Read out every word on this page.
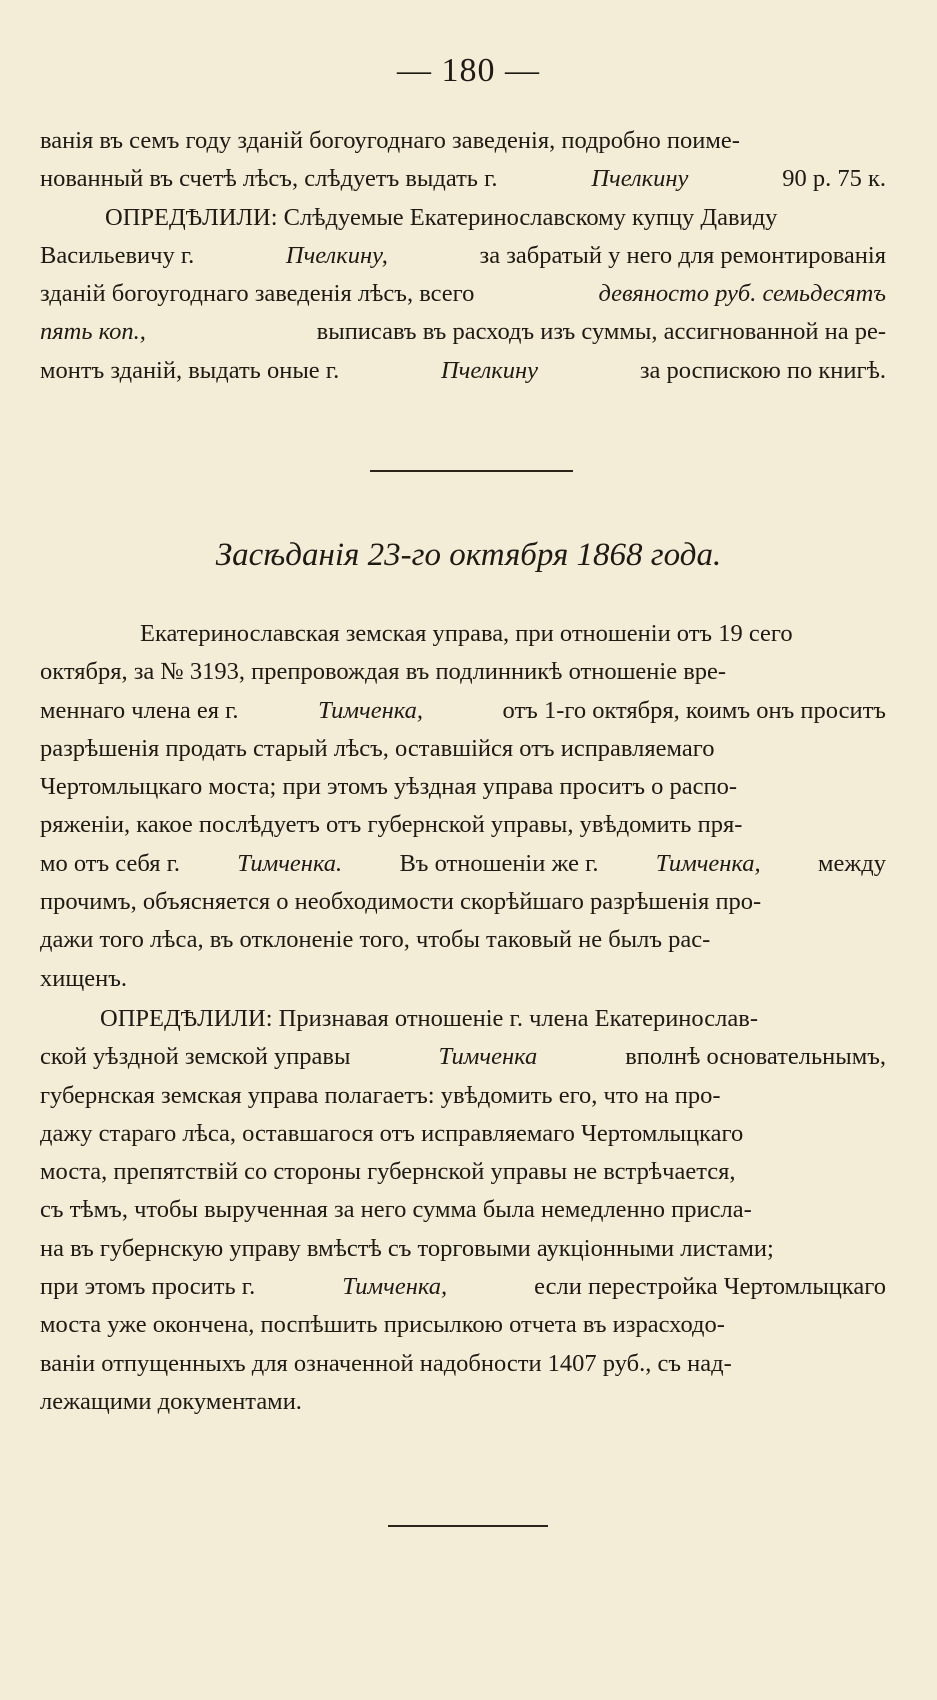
— 180 —
ванія въ семъ году зданій богоугоднаго заведенія, подробно поиме-
нованный въ счетѣ лѣсъ, слѣдуетъ выдать г.	Пчелкину	90 р. 75 к.
ОПРЕДѢЛИЛИ: Слѣдуемые Екатеринославскому купцу Давиду
Васильевичу г.	Пчелкину,	за забратый у него для ремонтированія
зданій богоугоднаго заведенія лѣсъ, всего	девяносто руб. семьдесятъ
пять коп.,	выписавъ въ расходъ изъ суммы, ассигнованной на ре-
монтъ зданій, выдать оные г.	Пчелкину	за роспискою по книгѣ.
Засѣданія 23-го октября 1868 года.
Екатеринославская земская управа, при отношеніи отъ 19 сего
октября, за № 3193, препровождая въ подлинникѣ отношеніе вре-
меннаго члена ея г.	Тимченка,	отъ 1-го октября, коимъ онъ проситъ
разрѣшенія продать старый лѣсъ, оставшійся отъ исправляемаго
Чертомлыцкаго моста; при этомъ уѣздная управа проситъ о распо-
ряженіи, какое послѣдуетъ отъ губернской управы, увѣдомить пря-
мо отъ себя г. Тимченка. Въ отношеніи же г. Тимченка, между
прочимъ, объясняется о необходимости скорѣйшаго разрѣшенія про-
дажи того лѣса, въ отклоненіе того, чтобы таковый не былъ рас-
хищенъ.
ОПРЕДѢЛИЛИ: Признавая отношеніе г. члена Екатеринослав-
ской уѣздной земской управы	Тимченка	вполнѣ основательнымъ,
губернская земская управа полагаетъ: увѣдомить его, что на про-
дажу стараго лѣса, оставшагося отъ исправляемаго Чертомлыцкаго
моста, препятствій со стороны губернской управы не встрѣчается,
съ тѣмъ, чтобы вырученная за него сумма была немедленно присла-
на въ губернскую управу вмѣстѣ съ торговыми аукціонными листами;
при этомъ просить г.	Тимченка,	если перестройка Чертомлыцкаго
моста уже окончена, поспѣшить присылкою отчета въ израсходо-
ваніи отпущенныхъ для означенной надобности 1407 руб., съ над-
лежащими документами.
